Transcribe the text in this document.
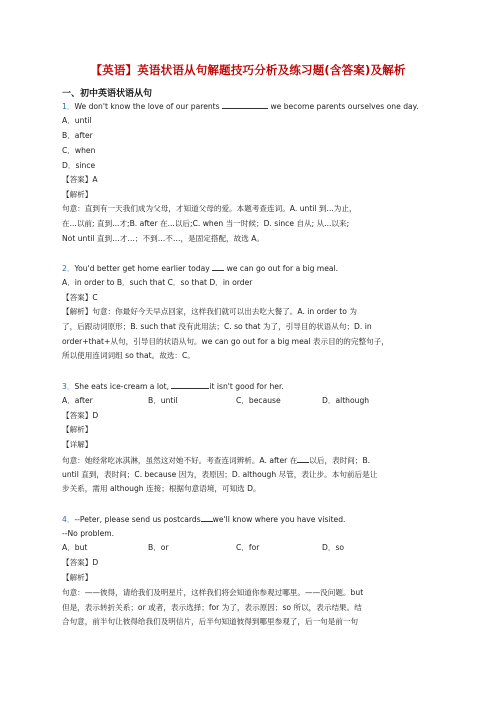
【英语】英语状语从句解题技巧分析及练习题(含答案)及解析
一、初中英语状语从句
1．We don't know the love of our parents	we become parents ourselves one day.
A．until
B．after
C．when
D．since
【答案】A
【解析】
句意：直到有一天我们成为父母，才知道父母的爱。本题考查连词。A. until 到...为止，
在...以前; 直到...才;B. after 在...以后;C. when 当一时候；D. since 自从; 从...以来;
Not until 直到…才…；不到…不…，是固定搭配，故选 A。
2．You'd better get home earlier today  we can go out for a big meal.
A．in order to B．such that C．so that D．in order
【答案】C
【解析】句意：你最好今天早点回家，这样我们就可以出去吃大餐了。A. in order to 为
了，后跟动词原形；B. such that 没有此用法；C. so that 为了，引导目的状语从句；D. in
order+that+从句，引导目的状语从句。we can go out for a big meal 表示目的的完整句子，
所以使用连词词组 so that。故选：C。
3．She eats ice-cream a lot,	it isn't good for her.
A．after	B．until	C．because	D．although
【答案】D
【解析】
【详解】
句意：她经常吃冰淇淋，虽然这对她不好。考查连词辨析。A. after 在 以后，表时间；B.
until 直到，表时间；C. because 因为，表原因；D. although 尽管，表让步。本句前后是让
步关系，需用 although 连接；根据句意语境，可知选 D。
4．--Peter, please send us postcards we'll know where you have visited.
--No problem.
A．but	B．or	C．for	D．so
【答案】D
【解析】
句意：——彼得，请给我们及明星片，这样我们将会知道你参观过哪里。——没问题。but
但是，表示转折关系；or 或者，表示选择；for 为了，表示原因；so 所以，表示结果。结
合句意，前半句让彼得给我们及明信片，后半句知道彼得到哪里参观了，后一句是前一句
